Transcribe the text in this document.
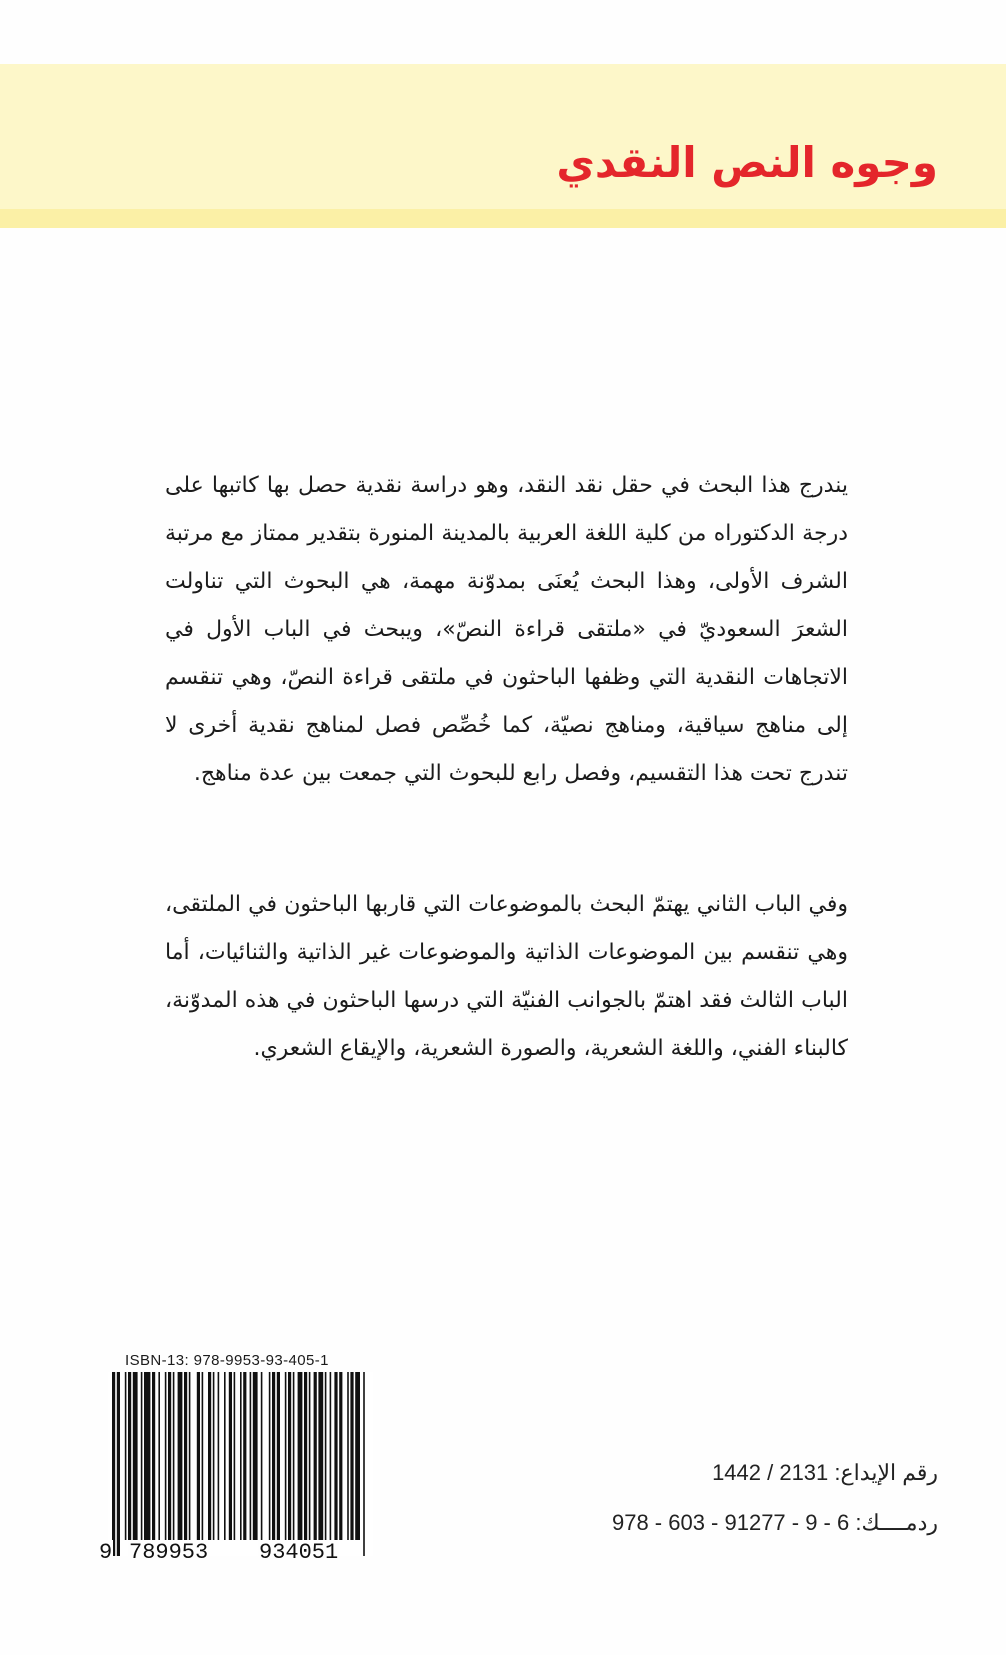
وجوه النص النقدي

يندرج هذا البحث في حقل نقد النقد، وهو دراسة نقدية حصل بها كاتبها على درجة الدكتوراه من كلية اللغة العربية بالمدينة المنورة بتقدير ممتاز مع مرتبة الشرف الأولى، وهذا البحث يُعنَى بمدوّنة مهمة، هي البحوث التي تناولت الشعرَ السعوديّ في «ملتقى قراءة النصّ»، ويبحث في الباب الأول في الاتجاهات النقدية التي وظفها الباحثون في ملتقى قراءة النصّ، وهي تنقسم إلى مناهج سياقية، ومناهج نصيّة، كما خُصِّص فصل لمناهج نقدية أخرى لا تندرج تحت هذا التقسيم، وفصل رابع للبحوث التي جمعت بين عدة مناهج.

وفي الباب الثاني يهتمّ البحث بالموضوعات التي قاربها الباحثون في الملتقى، وهي تنقسم بين الموضوعات الذاتية والموضوعات غير الذاتية والثنائيات، أما الباب الثالث فقد اهتمّ بالجوانب الفنيّة التي درسها الباحثون في هذه المدوّنة، كالبناء الفني، واللغة الشعرية، والصورة الشعرية، والإيقاع الشعري.

ISBN-13: 978-9953-93-405-1
9 789953 934051
1442 / 2131 رقم الإيداع:
978 - 603 - 91277 - 9 - 6 ردمــــك:
